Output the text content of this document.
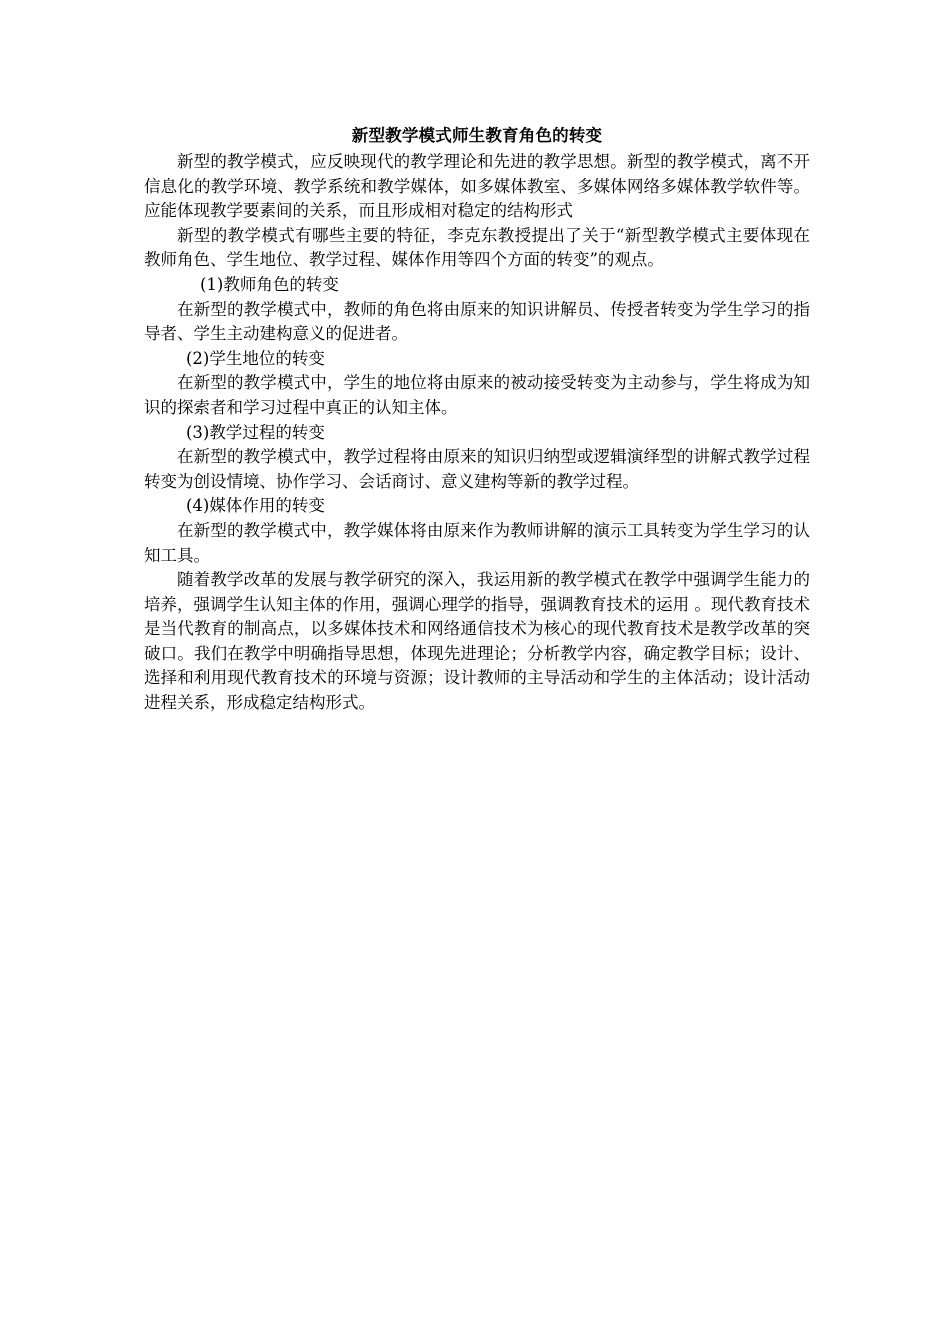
新型教学模式师生教育角色的转变

新型的教学模式，应反映现代的教学理论和先进的教学思想。新型的教学模式，离不开信息化的教学环境、教学系统和教学媒体，如多媒体教室、多媒体网络多媒体教学软件等。应能体现教学要素间的关系，而且形成相对稳定的结构形式

新型的教学模式有哪些主要的特征，李克东教授提出了关于“新型教学模式主要体现在教师角色、学生地位、教学过程、媒体作用等四个方面的转变”的观点。

(1)教师角色的转变

在新型的教学模式中，教师的角色将由原来的知识讲解员、传授者转变为学生学习的指导者、学生主动建构意义的促进者。

(2)学生地位的转变

在新型的教学模式中，学生的地位将由原来的被动接受转变为主动参与，学生将成为知识的探索者和学习过程中真正的认知主体。

(3)教学过程的转变

在新型的教学模式中，教学过程将由原来的知识归纳型或逻辑演绎型的讲解式教学过程转变为创设情境、协作学习、会话商讨、意义建构等新的教学过程。

(4)媒体作用的转变

在新型的教学模式中，教学媒体将由原来作为教师讲解的演示工具转变为学生学习的认知工具。

随着教学改革的发展与教学研究的深入，我运用新的教学模式在教学中强调学生能力的培养，强调学生认知主体的作用，强调心理学的指导，强调教育技术的运用 。现代教育技术是当代教育的制高点，以多媒体技术和网络通信技术为核心的现代教育技术是教学改革的突破口。我们在教学中明确指导思想，体现先进理论；分析教学内容，确定教学目标；设计、选择和利用现代教育技术的环境与资源；设计教师的主导活动和学生的主体活动；设计活动进程关系，形成稳定结构形式。
